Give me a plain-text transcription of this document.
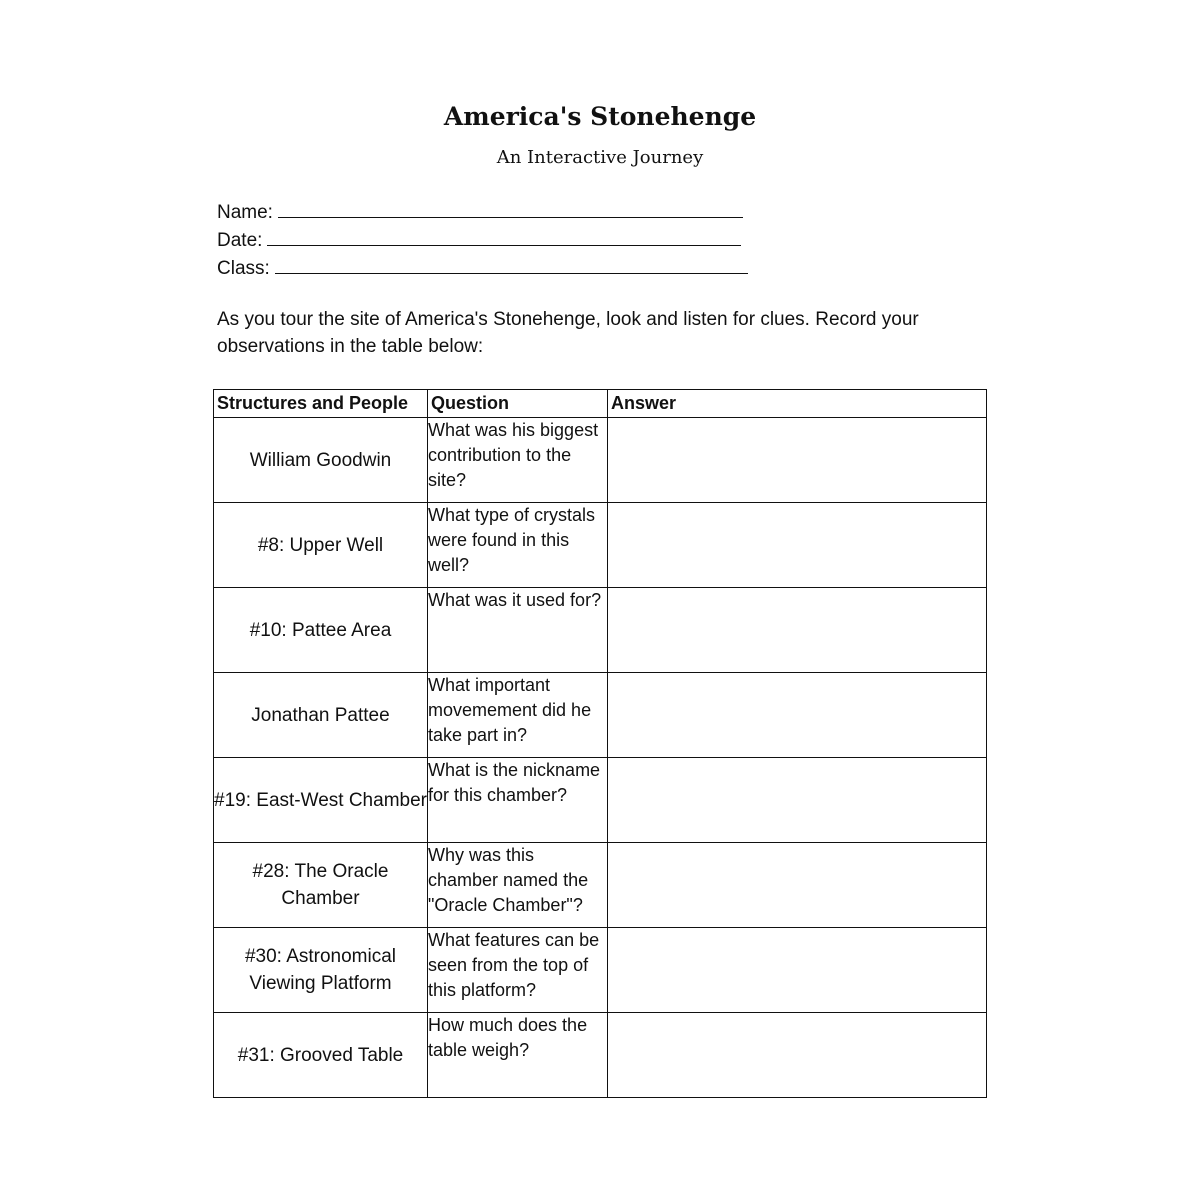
America's Stonehenge
An Interactive Journey
Name:
Date:
Class:
As you tour the site of America's Stonehenge, look and listen for clues. Record your observations in the table below:
Structures and People	Question	Answer
William Goodwin	What was his biggest contribution to the site?	
#8: Upper Well	What type of crystals were found in this well?	
#10: Pattee Area	What was it used for?	
Jonathan Pattee	What important movemement did he take part in?	
#19: East-West Chamber	What is the nickname for this chamber?	
#28: The Oracle Chamber	Why was this chamber named the "Oracle Chamber"?	
#30: Astronomical Viewing Platform	What features can be seen from the top of this platform?	
#31: Grooved Table	How much does the table weigh?	
